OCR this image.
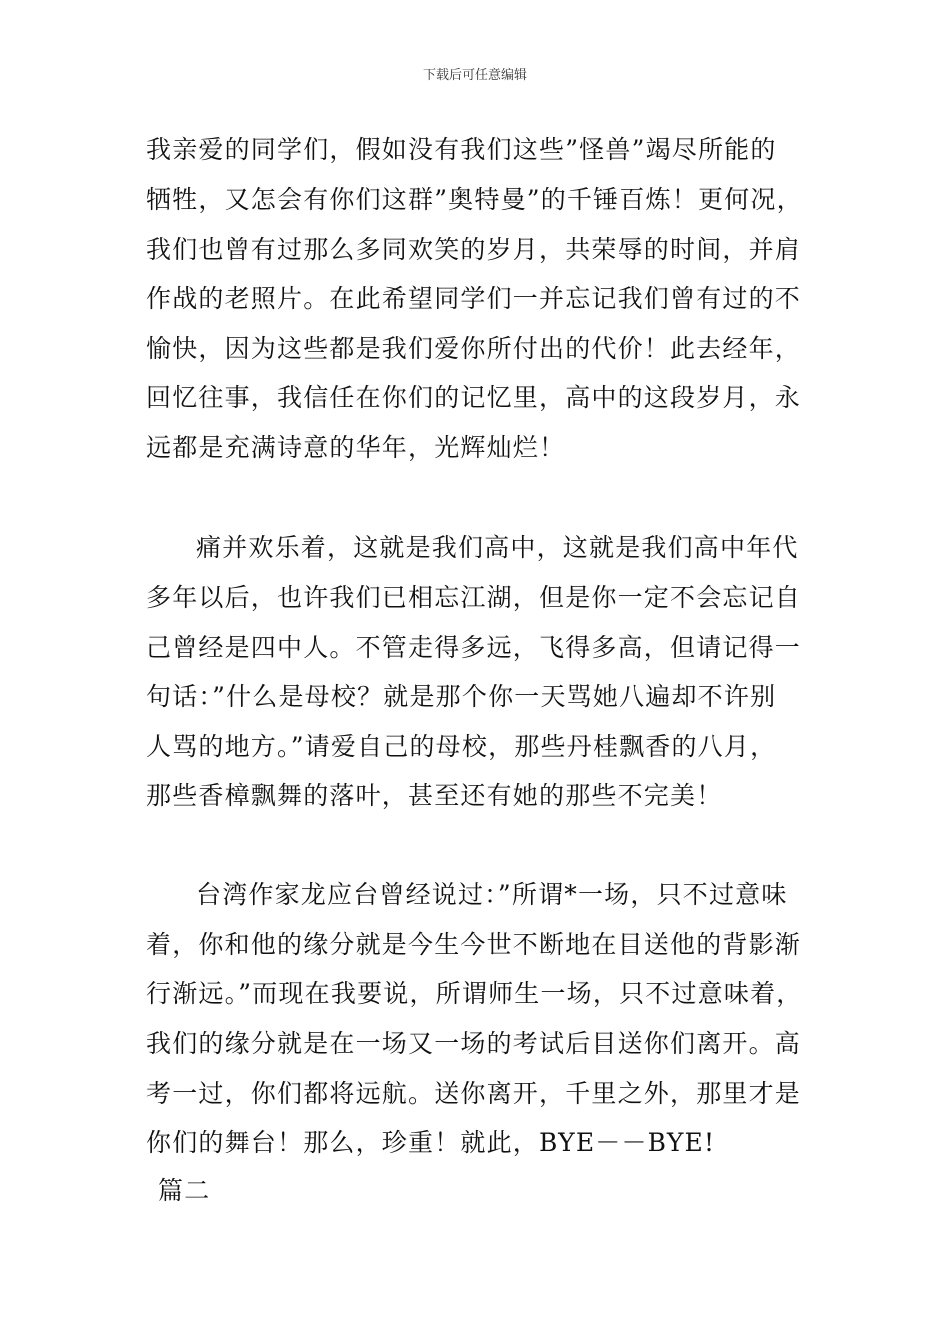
下载后可任意编辑
我亲爱的同学们，假如没有我们这些”怪兽”竭尽所能的
牺牲，又怎会有你们这群”奥特曼”的千锤百炼！更何况，
我们也曾有过那么多同欢笑的岁月，共荣辱的时间，并肩
作战的老照片。在此希望同学们一并忘记我们曾有过的不
愉快，因为这些都是我们爱你所付出的代价！此去经年，
回忆往事，我信任在你们的记忆里，高中的这段岁月，永
远都是充满诗意的华年，光辉灿烂！
痛并欢乐着，这就是我们高中，这就是我们高中年代
多年以后，也许我们已相忘江湖，但是你一定不会忘记自
己曾经是四中人。不管走得多远，飞得多高，但请记得一
句话：”什么是母校？就是那个你一天骂她八遍却不许别
人骂的地方。”请爱自己的母校，那些丹桂飘香的八月，
那些香樟飘舞的落叶，甚至还有她的那些不完美！
台湾作家龙应台曾经说过：”所谓*一场，只不过意味
着，你和他的缘分就是今生今世不断地在目送他的背影渐
行渐远。”而现在我要说，所谓师生一场，只不过意味着，
我们的缘分就是在一场又一场的考试后目送你们离开。高
考一过，你们都将远航。送你离开，千里之外，那里才是
你们的舞台！那么，珍重！就此，BYE－－BYE!
篇二
